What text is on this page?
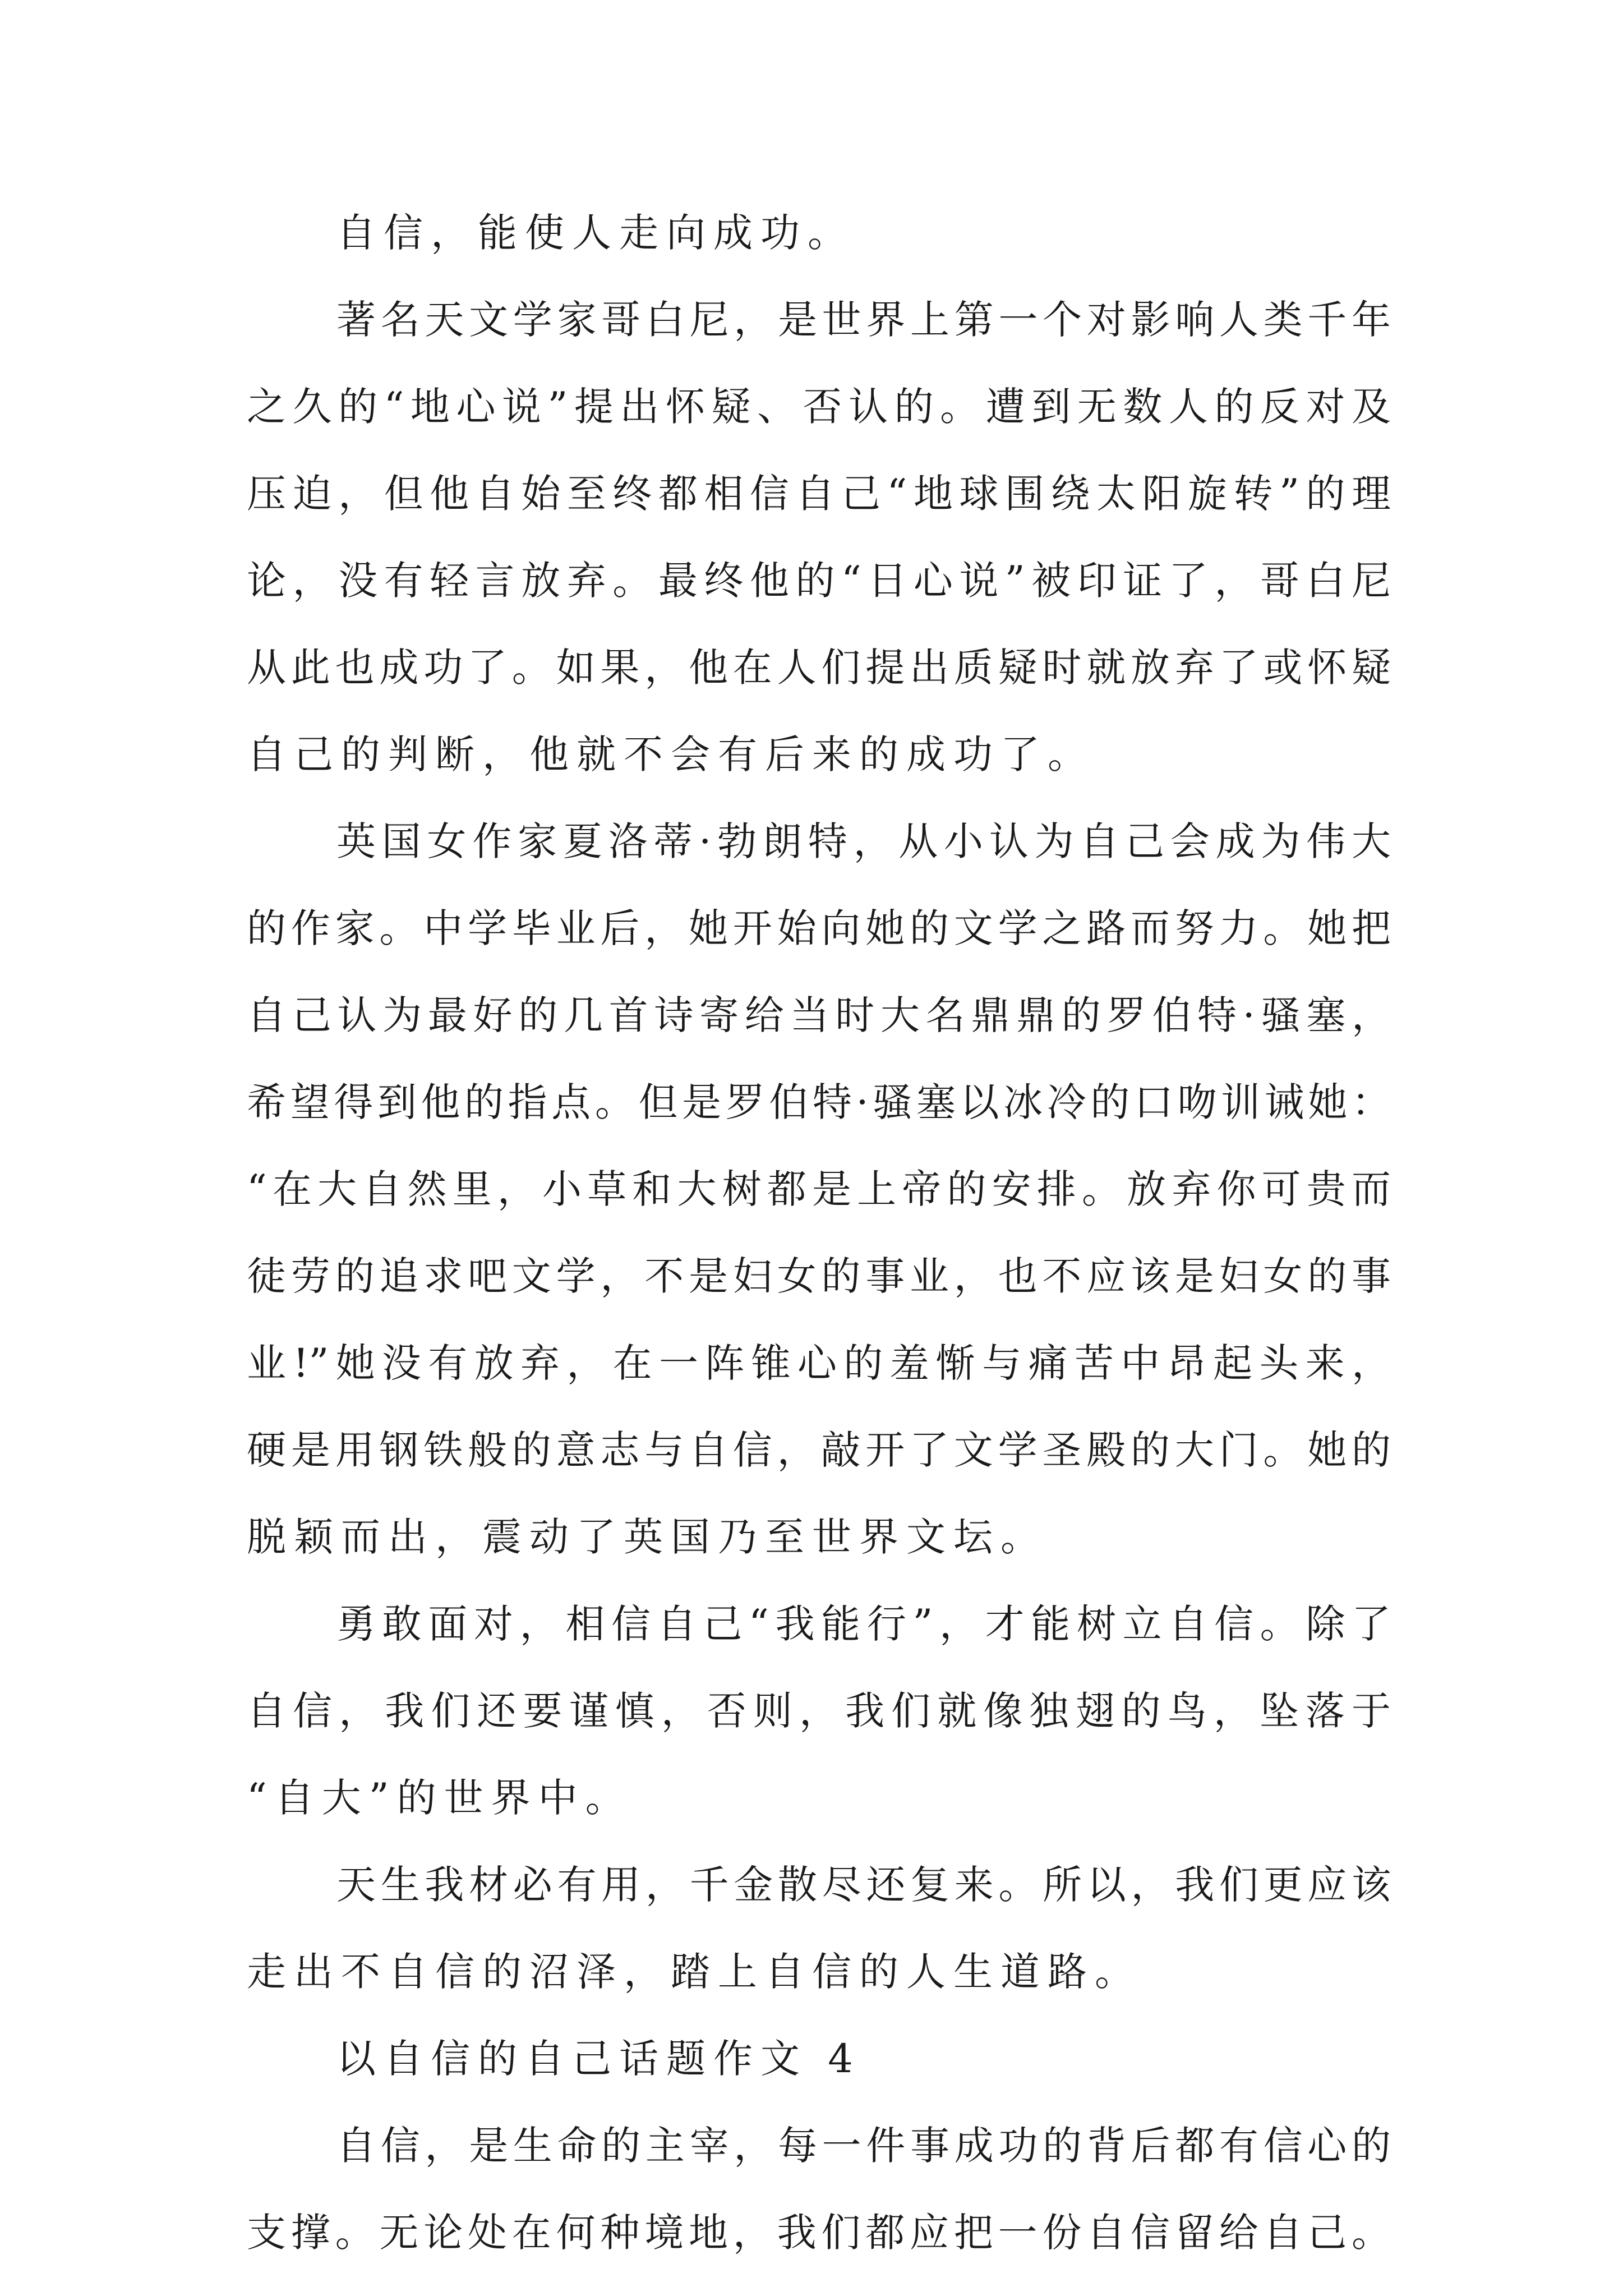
自信，能使人走向成功。
著名天文学家哥白尼，是世界上第一个对影响人类千年
之久的“地心说”提出怀疑、否认的。遭到无数人的反对及
压迫，但他自始至终都相信自己“地球围绕太阳旋转”的理
论，没有轻言放弃。最终他的“日心说”被印证了，哥白尼
从此也成功了。如果，他在人们提出质疑时就放弃了或怀疑
自己的判断，他就不会有后来的成功了。
英国女作家夏洛蒂·勃朗特，从小认为自己会成为伟大
的作家。中学毕业后，她开始向她的文学之路而努力。她把
自己认为最好的几首诗寄给当时大名鼎鼎的罗伯特·骚塞，
希望得到他的指点。但是罗伯特·骚塞以冰冷的口吻训诫她：
“在大自然里，小草和大树都是上帝的安排。放弃你可贵而
徒劳的追求吧文学，不是妇女的事业，也不应该是妇女的事
业!”她没有放弃，在一阵锥心的羞惭与痛苦中昂起头来，
硬是用钢铁般的意志与自信，敲开了文学圣殿的大门。她的
脱颖而出，震动了英国乃至世界文坛。
勇敢面对，相信自己“我能行”，才能树立自信。除了
自信，我们还要谨慎，否则，我们就像独翅的鸟，坠落于
“自大”的世界中。
天生我材必有用，千金散尽还复来。所以，我们更应该
走出不自信的沼泽，踏上自信的人生道路。
以自信的自己话题作文 4
自信，是生命的主宰，每一件事成功的背后都有信心的
支撑。无论处在何种境地，我们都应把一份自信留给自己。
